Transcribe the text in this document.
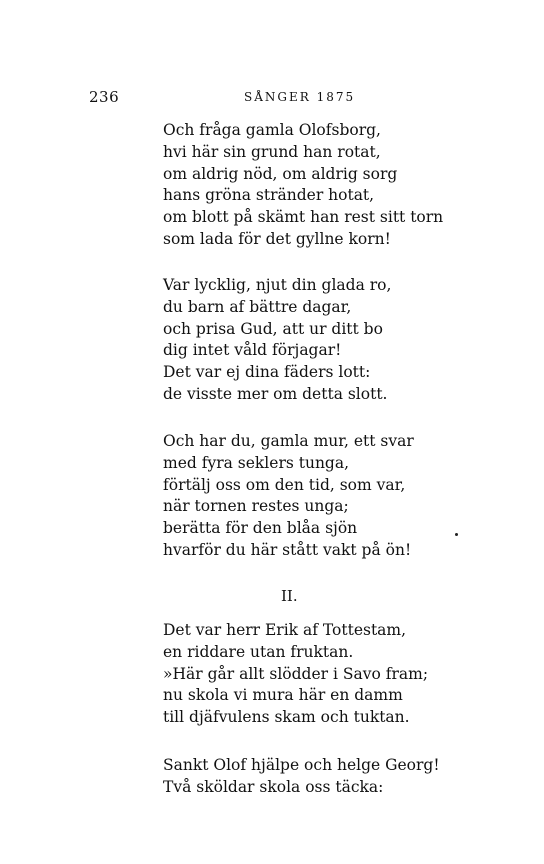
236	SÅNGER 1875
Och fråga gamla Olofsborg,
hvi här sin grund han rotat,
om aldrig nöd, om aldrig sorg
hans gröna stränder hotat,
om blott på skämt han rest sitt torn
som lada för det gyllne korn!
Var lycklig, njut din glada ro,
du barn af bättre dagar,
och prisa Gud, att ur ditt bo
dig intet våld förjagar!
Det var ej dina fäders lott:
de visste mer om detta slott.
Och har du, gamla mur, ett svar
med fyra seklers tunga,
förtälj oss om den tid, som var,
när tornen restes unga;
berätta för den blåa sjön
hvarför du här stått vakt på ön!
II.
Det var herr Erik af Tottestam,
en riddare utan fruktan.
»Här går allt slödder i Savo fram;
nu skola vi mura här en damm
till djäfvulens skam och tuktan.
Sankt Olof hjälpe och helge Georg!
Två sköldar skola oss täcka:
